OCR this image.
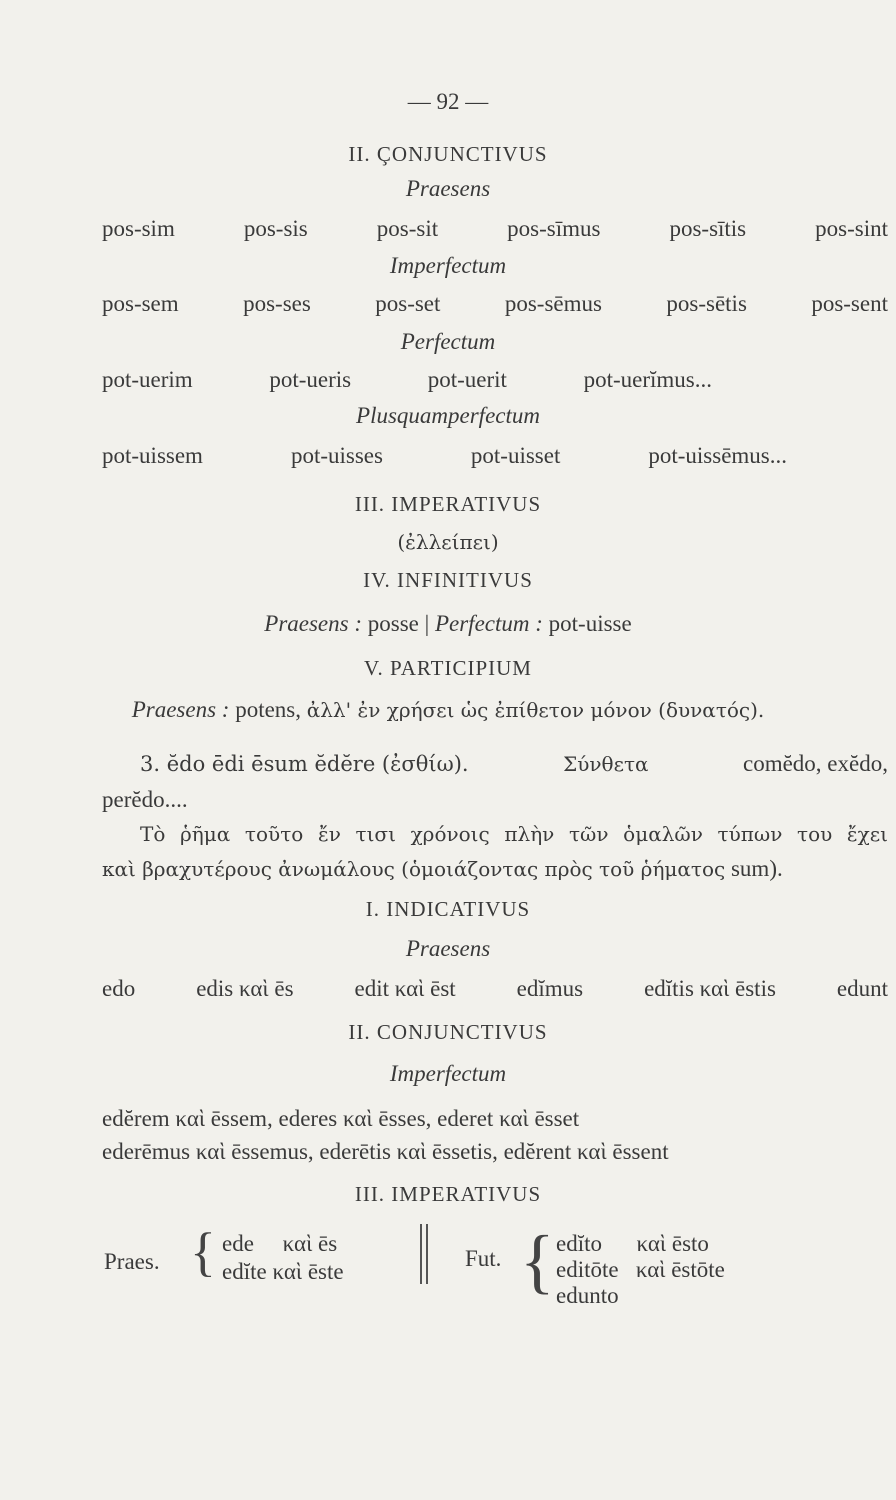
— 92 —
II. ÇONJUNCTIVUS
Praesens
pos-sim	pos-sis	pos-sit	pos-sīmus	pos-sītis	pos-sint
Imperfectum
pos-sem	pos-ses	pos-set	pos-sēmus	pos-sētis	pos-sent
Perfectum
pot-uerim	pot-ueris	pot-uerit	pot-uerĭmus...
Plusquamperfectum
pot-uissem	pot-uisses	pot-uisset	pot-uissēmus...
III. IMPERATIVUS
(ἐλλείπει)
IV. INFINITIVUS
Praesens : posse | Perfectum : pot-uisse
V. PARTICIPIUM
Praesens : potens, ἀλλ' ἐν χρήσει ὡς ἐπίθετον μόνον (δυνατός).
3. ĕdo ēdi ēsum ĕdĕre (ἐσθίω).	Σύνθετα	comĕdo, exĕdo,
perĕdo....
Τὸ ῥῆμα τοῦτο ἔν τισι χρόνοις πλὴν τῶν ὁμαλῶν τύπων του ἔχει
καὶ βραχυτέρους ἀνωμάλους (ὁμοιάζοντας πρὸς τοῦ ῥήματος sum).
I. INDICATIVUS
Praesens
edo	edis καὶ ēs	edit καὶ ēst	edĭmus	edĭtis καὶ ēstis	edunt
II. CONJUNCTIVUS
Imperfectum
edĕrem καὶ ēssem, ederes καὶ ēsses, ederet καὶ ēsset
ederēmus καὶ ēssemus, ederētis καὶ ēssetis, edĕrent καὶ ēssent
III. IMPERATIVUS
Praes. { ede     καὶ ēs
edĭte καὶ ēste
Fut. { edĭto      καὶ ēsto
editōte   καὶ ēstōte
edunto
